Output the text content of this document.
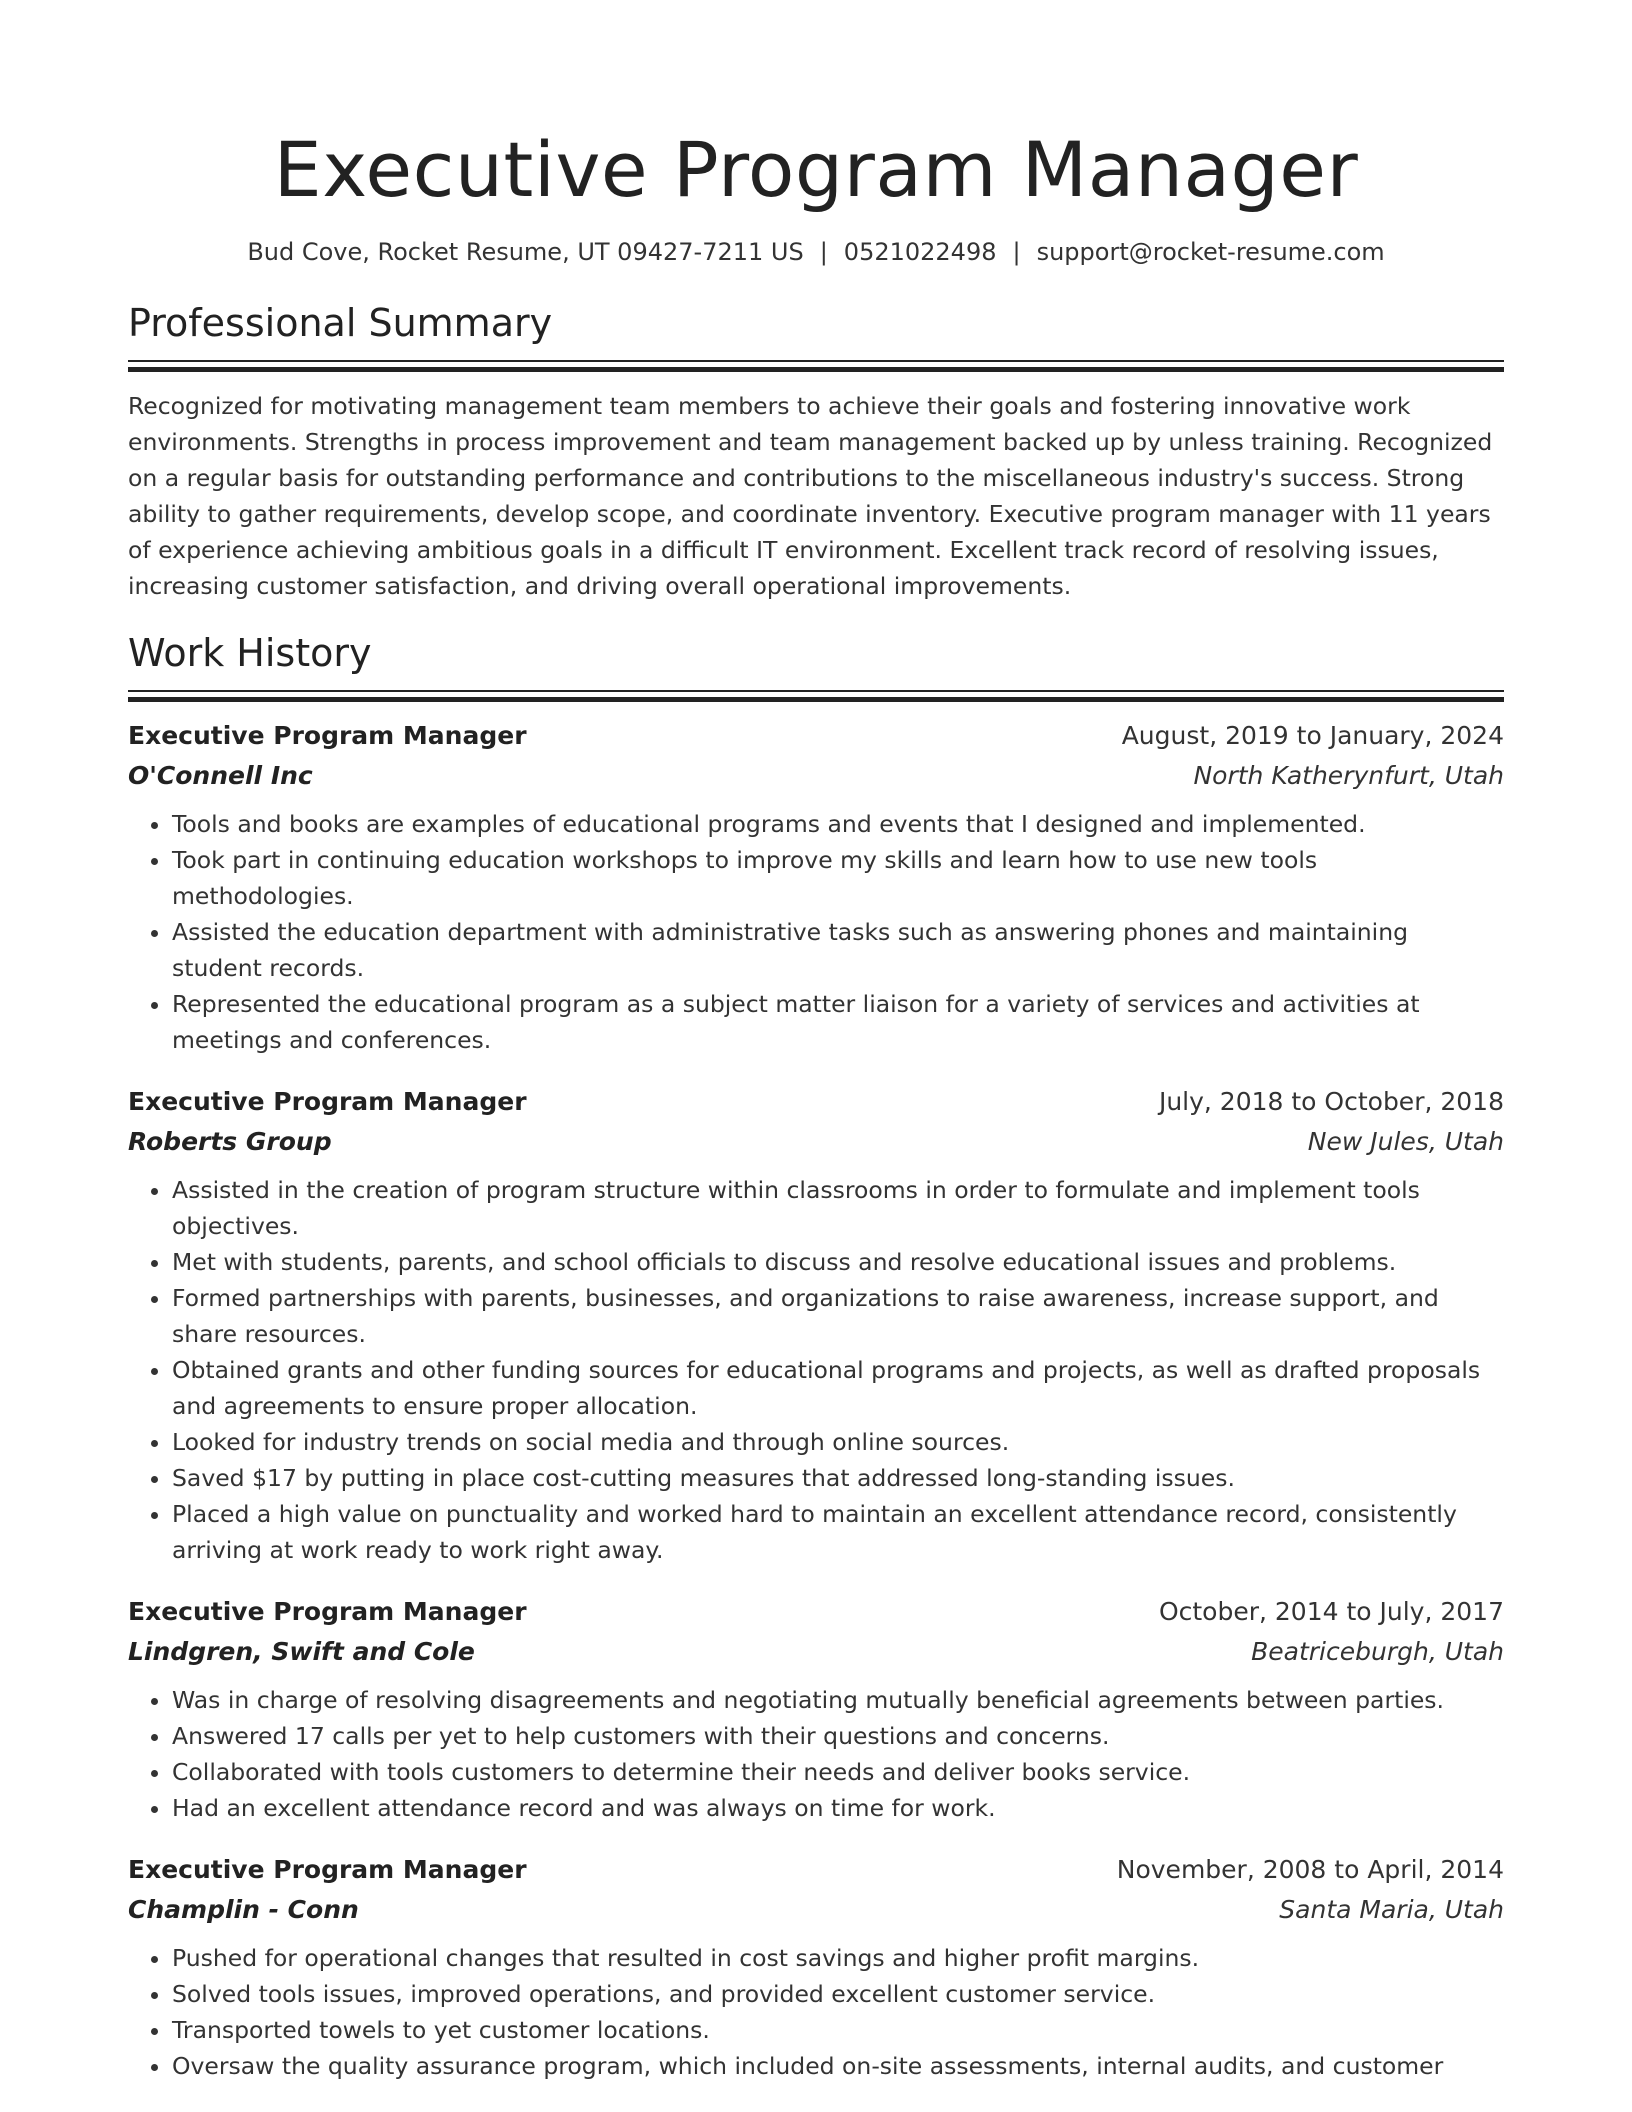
Executive Program Manager
Bud Cove, Rocket Resume, UT 09427-7211 US | 0521022498 | support@rocket-resume.com
Professional Summary

Recognized for motivating management team members to achieve their goals and fostering innovative work environments. Strengths in process improvement and team management backed up by unless training. Recognized on a regular basis for outstanding performance and contributions to the miscellaneous industry's success. Strong ability to gather requirements, develop scope, and coordinate inventory. Executive program manager with 11 years of experience achieving ambitious goals in a difficult IT environment. Excellent track record of resolving issues, increasing customer satisfaction, and driving overall operational improvements.

Work History
Executive Program Manager	August, 2019 to January, 2024
O'Connell Inc	North Katherynfurt, Utah
• Tools and books are examples of educational programs and events that I designed and implemented.
• Took part in continuing education workshops to improve my skills and learn how to use new tools methodologies.
• Assisted the education department with administrative tasks such as answering phones and maintaining student records.
• Represented the educational program as a subject matter liaison for a variety of services and activities at meetings and conferences.
Executive Program Manager	July, 2018 to October, 2018
Roberts Group	New Jules, Utah
• Assisted in the creation of program structure within classrooms in order to formulate and implement tools objectives.
• Met with students, parents, and school officials to discuss and resolve educational issues and problems.
• Formed partnerships with parents, businesses, and organizations to raise awareness, increase support, and share resources.
• Obtained grants and other funding sources for educational programs and projects, as well as drafted proposals and agreements to ensure proper allocation.
• Looked for industry trends on social media and through online sources.
• Saved $17 by putting in place cost-cutting measures that addressed long-standing issues.
• Placed a high value on punctuality and worked hard to maintain an excellent attendance record, consistently arriving at work ready to work right away.
Executive Program Manager	October, 2014 to July, 2017
Lindgren, Swift and Cole	Beatriceburgh, Utah
• Was in charge of resolving disagreements and negotiating mutually beneficial agreements between parties.
• Answered 17 calls per yet to help customers with their questions and concerns.
• Collaborated with tools customers to determine their needs and deliver books service.
• Had an excellent attendance record and was always on time for work.
Executive Program Manager	November, 2008 to April, 2014
Champlin - Conn	Santa Maria, Utah
• Pushed for operational changes that resulted in cost savings and higher profit margins.
• Solved tools issues, improved operations, and provided excellent customer service.
• Transported towels to yet customer locations.
• Oversaw the quality assurance program, which included on-site assessments, internal audits, and customer
